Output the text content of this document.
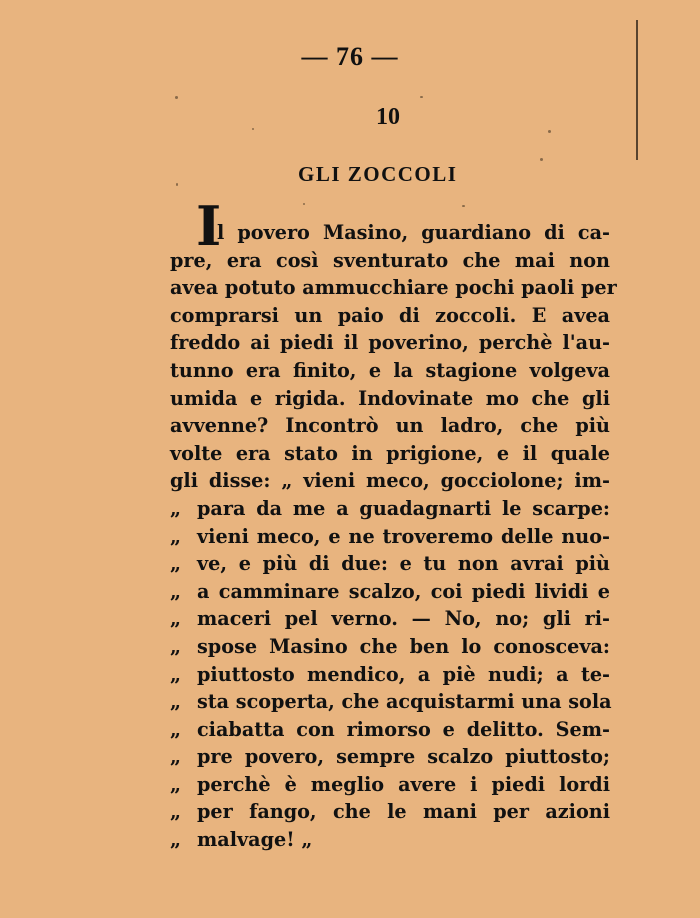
— 76 —
10
GLI ZOCCOLI
I
l povero Masino, guardiano di ca-
pre, era così sventurato che mai non
avea potuto ammucchiare pochi paoli per
comprarsi un paio di zoccoli. E avea
freddo ai piedi il poverino, perchè l'au-
tunno era finito, e la stagione volgeva
umida e rigida. Indovinate mo che gli
avvenne? Incontrò un ladro, che più
volte era stato in prigione, e il quale
gli disse: „ vieni meco, gocciolone; im-
„ para da me a guadagnarti le scarpe:
„ vieni meco, e ne troveremo delle nuo-
„ ve, e più di due: e tu non avrai più
„ a camminare scalzo, coi piedi lividi e
„ maceri pel verno. — No, no; gli ri-
„ spose Masino che ben lo conosceva:
„ piuttosto mendico, a piè nudi; a te-
„ sta scoperta, che acquistarmi una sola
„ ciabatta con rimorso e delitto. Sem-
„ pre povero, sempre scalzo piuttosto;
„ perchè è meglio avere i piedi lordi
„ per fango, che le mani per azioni
„ malvage! „
